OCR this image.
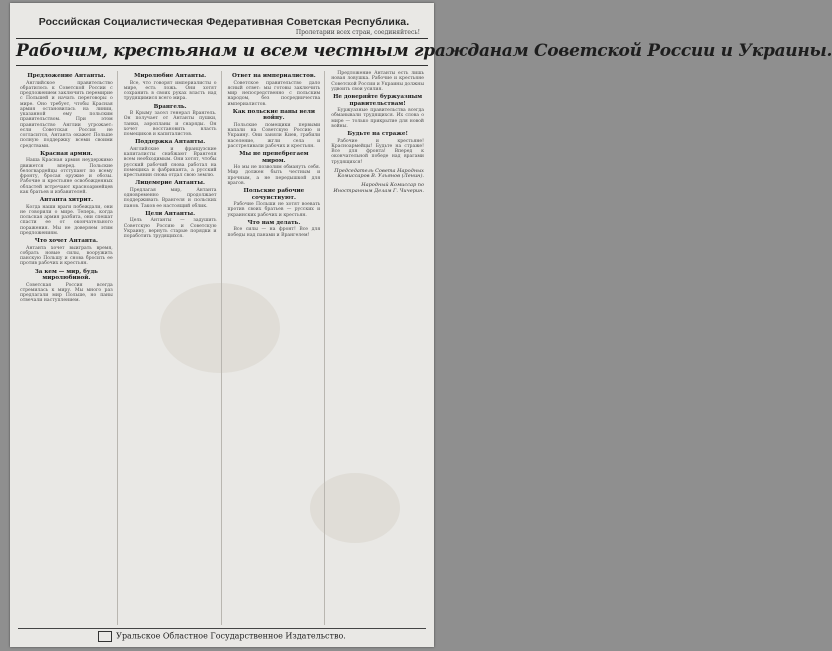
Российская Социалистическая Федеративная Советская Республика.
Пролетарии всех стран, соединяйтесь!
Рабочим, крестьянам и всем честным гражданам Советской России и Украины.
Предложение Антанты.

Английское правительство обратилось к Советской России с предложением заключить перемирие с Польшей и начать переговоры о мире. Оно требует, чтобы Красная армия остановилась на линии, указанной ему польским правительством. При этом правительство Англии угрожает: если Советская Россия не согласится, Антанта окажет Польше полную поддержку всеми своими средствами.

Красная армия.

Наша Красная армия неудержимо движется вперед. Польские белогвардейцы отступают по всему фронту, бросая оружие и обозы. Рабочие и крестьяне освобожденных областей встречают красноармейцев как братьев и избавителей.

Антанта хитрит.

Когда наши враги побеждали, они не говорили о мире. Теперь, когда польская армия разбита, они спешат спасти ее от окончательного поражения. Мы не доверяем этим предложениям.

Что хочет Антанта.

Антанта хочет выиграть время, собрать новые силы, вооружить панскую Польшу и снова бросить ее против рабочих и крестьян.

За кем — мир, будь миролюбивой.

Советская Россия всегда стремилась к миру. Мы много раз предлагали мир Польше, но паны отвечали наступлением.

Миролюбие Антанты.

Все, что говорят империалисты о мире, есть ложь. Они хотят сохранить в своих руках власть над трудящимися всего мира.

Врангель.

В Крыму засел генерал Врангель. Он получает от Антанты пушки, танки, аэропланы и снаряды. Он хочет восстановить власть помещиков и капиталистов.

Поддержка Антанты.

Английские и французские капиталисты снабжают Врангеля всем необходимым. Они хотят, чтобы русский рабочий снова работал на помещика и фабриканта, а русский крестьянин снова отдал свою землю.

Лицемерие Антанты.

Предлагая мир, Антанта одновременно продолжает поддерживать Врангеля и польских панов. Таков ее настоящий облик.

Цели Антанты.

Цель Антанты — задушить Советскую Россию и Советскую Украину, вернуть старые порядки и поработить трудящихся.

Ответ на империалистов.

Советское правительство дало ясный ответ: мы готовы заключить мир непосредственно с польским народом, без посредничества империалистов.

Как польские паны вели войну.

Польские помещики первыми напали на Советскую Россию и Украину. Они заняли Киев, грабили население, жгли села и расстреливали рабочих и крестьян.

Мы не пренебрегаем миром.

Но мы не позволим обмануть себя. Мир должен быть честным и прочным, а не передышкой для врагов.

Польские рабочие сочувствуют.

Рабочие Польши не хотят воевать против своих братьев — русских и украинских рабочих и крестьян.

Что нам делать.

Все силы — на фронт! Все для победы над панами и Врангелем!

Предложение Антанты есть лишь новая ловушка. Рабочие и крестьяне Советской России и Украины должны удвоить свои усилия.

Не доверяйте буржуазным правительствам!

Буржуазные правительства всегда обманывали трудящихся. Их слова о мире — только прикрытие для новой войны.

Будьте на страже!

Рабочие и крестьяне! Красноармейцы! Будьте на страже! Все для фронта! Вперед к окончательной победе над врагами трудящихся!

Председатель Совета Народных Комиссаров В. Ульянов (Ленин).
Народный Комиссар по Иностранным Делам Г. Чичерин.
Уральское Областное Государственное Издательство.
